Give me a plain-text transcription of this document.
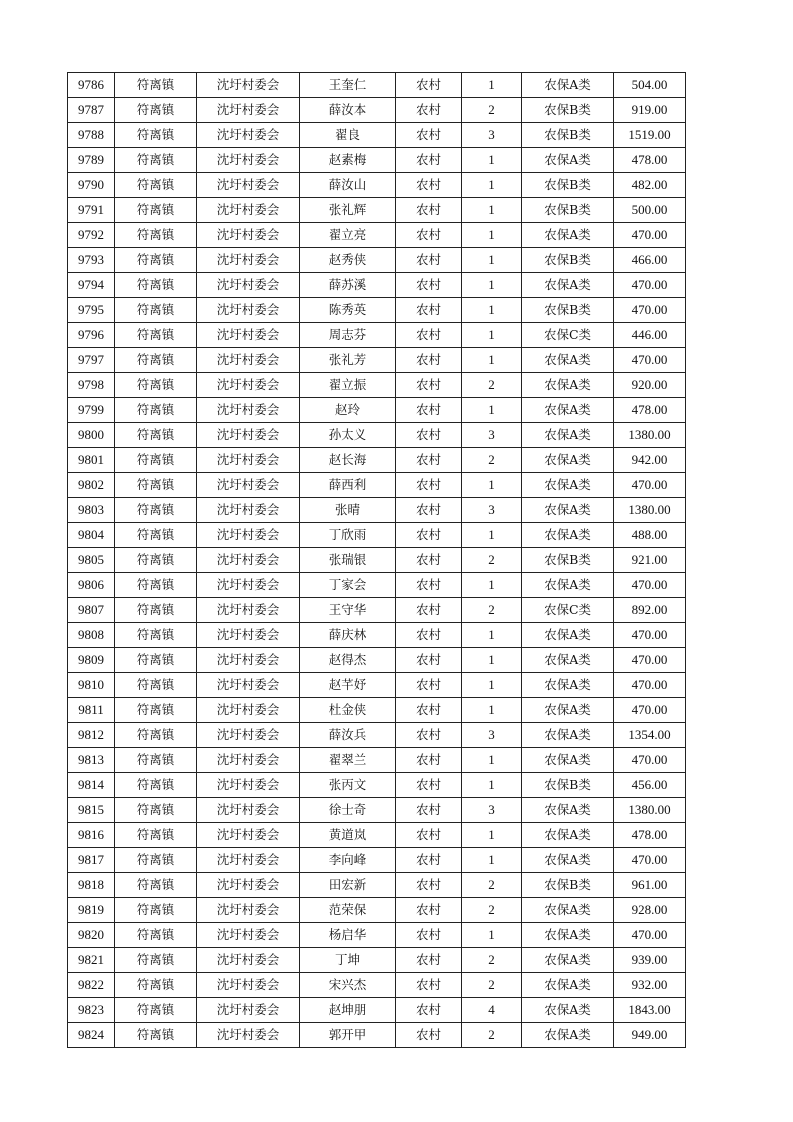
9786	符离镇	沈圩村委会	王奎仁	农村	1	农保A类	504.00
9787	符离镇	沈圩村委会	薛汝本	农村	2	农保B类	919.00
9788	符离镇	沈圩村委会	翟良	农村	3	农保B类	1519.00
9789	符离镇	沈圩村委会	赵素梅	农村	1	农保A类	478.00
9790	符离镇	沈圩村委会	薛汝山	农村	1	农保B类	482.00
9791	符离镇	沈圩村委会	张礼辉	农村	1	农保B类	500.00
9792	符离镇	沈圩村委会	翟立亮	农村	1	农保A类	470.00
9793	符离镇	沈圩村委会	赵秀侠	农村	1	农保B类	466.00
9794	符离镇	沈圩村委会	薛苏溪	农村	1	农保A类	470.00
9795	符离镇	沈圩村委会	陈秀英	农村	1	农保B类	470.00
9796	符离镇	沈圩村委会	周志芬	农村	1	农保C类	446.00
9797	符离镇	沈圩村委会	张礼芳	农村	1	农保A类	470.00
9798	符离镇	沈圩村委会	翟立振	农村	2	农保A类	920.00
9799	符离镇	沈圩村委会	赵玲	农村	1	农保A类	478.00
9800	符离镇	沈圩村委会	孙太义	农村	3	农保A类	1380.00
9801	符离镇	沈圩村委会	赵长海	农村	2	农保A类	942.00
9802	符离镇	沈圩村委会	薛西利	农村	1	农保A类	470.00
9803	符离镇	沈圩村委会	张晴	农村	3	农保A类	1380.00
9804	符离镇	沈圩村委会	丁欣雨	农村	1	农保A类	488.00
9805	符离镇	沈圩村委会	张瑞银	农村	2	农保B类	921.00
9806	符离镇	沈圩村委会	丁家会	农村	1	农保A类	470.00
9807	符离镇	沈圩村委会	王守华	农村	2	农保C类	892.00
9808	符离镇	沈圩村委会	薛庆林	农村	1	农保A类	470.00
9809	符离镇	沈圩村委会	赵得杰	农村	1	农保A类	470.00
9810	符离镇	沈圩村委会	赵芊妤	农村	1	农保A类	470.00
9811	符离镇	沈圩村委会	杜金侠	农村	1	农保A类	470.00
9812	符离镇	沈圩村委会	薛汝兵	农村	3	农保A类	1354.00
9813	符离镇	沈圩村委会	翟翠兰	农村	1	农保A类	470.00
9814	符离镇	沈圩村委会	张丙文	农村	1	农保B类	456.00
9815	符离镇	沈圩村委会	徐士奇	农村	3	农保A类	1380.00
9816	符离镇	沈圩村委会	黄道岚	农村	1	农保A类	478.00
9817	符离镇	沈圩村委会	李向峰	农村	1	农保A类	470.00
9818	符离镇	沈圩村委会	田宏新	农村	2	农保B类	961.00
9819	符离镇	沈圩村委会	范荣保	农村	2	农保A类	928.00
9820	符离镇	沈圩村委会	杨启华	农村	1	农保A类	470.00
9821	符离镇	沈圩村委会	丁坤	农村	2	农保A类	939.00
9822	符离镇	沈圩村委会	宋兴杰	农村	2	农保A类	932.00
9823	符离镇	沈圩村委会	赵坤朋	农村	4	农保A类	1843.00
9824	符离镇	沈圩村委会	郭开甲	农村	2	农保A类	949.00
